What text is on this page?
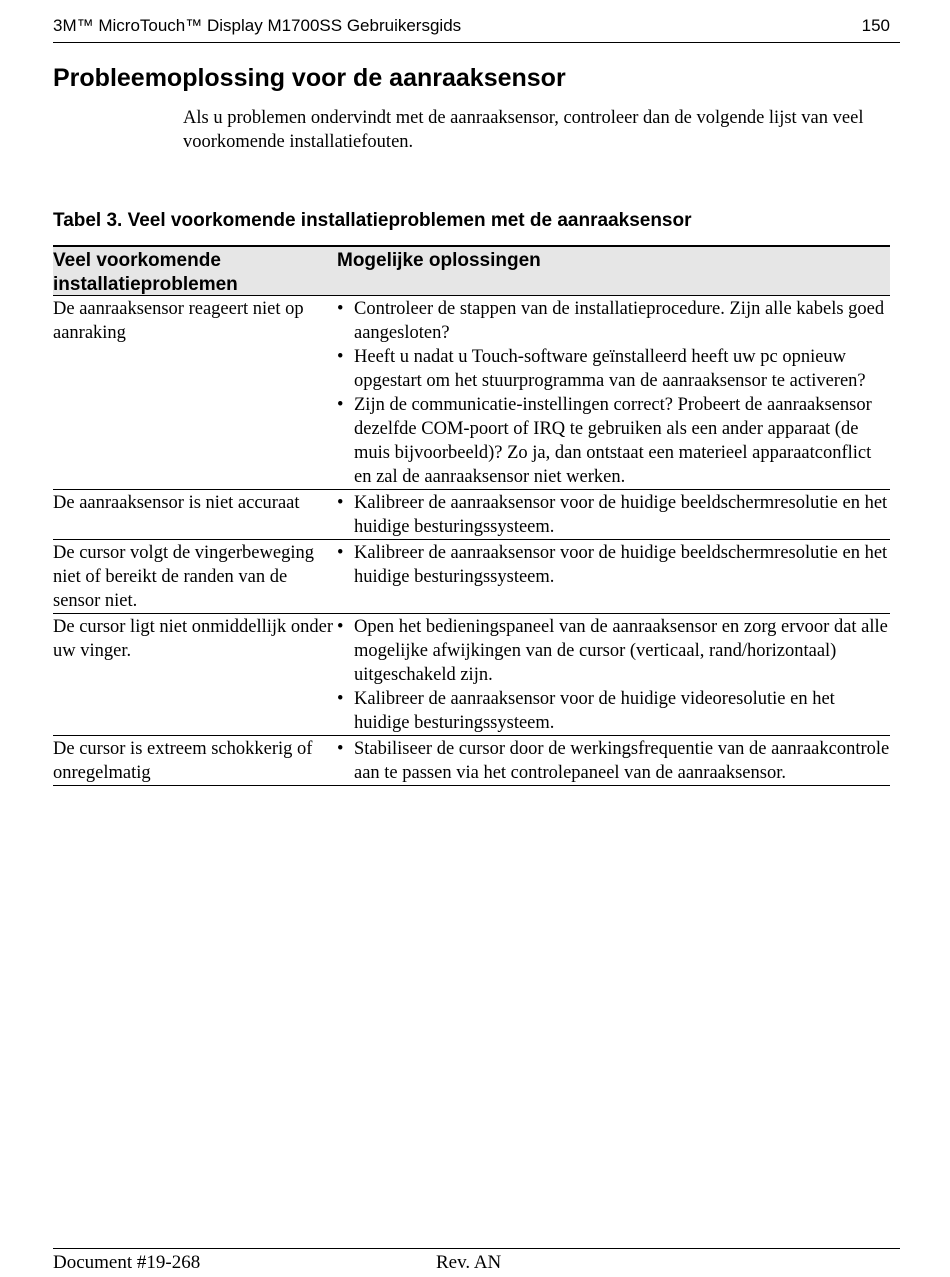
3M™ MicroTouch™ Display M1700SS Gebruikersgids	150
Probleemoplossing voor de aanraaksensor

Als u problemen ondervindt met de aanraaksensor, controleer dan de volgende lijst van veel voorkomende installatiefouten.

Tabel 3. Veel voorkomende installatieproblemen met de aanraaksensor

Veel voorkomende installatieproblemen
Mogelijke oplossingen
De aanraaksensor reageert niet op aanraking
• Controleer de stappen van de installatieprocedure. Zijn alle kabels goed aangesloten?
• Heeft u nadat u Touch-software geïnstalleerd heeft uw pc opnieuw opgestart om het stuurprogramma van de aanraaksensor te activeren?
• Zijn de communicatie-instellingen correct? Probeert de aanraaksensor dezelfde COM-poort of IRQ te gebruiken als een ander apparaat (de muis bijvoorbeeld)? Zo ja, dan ontstaat een materieel apparaatconflict en zal de aanraaksensor niet werken.
De aanraaksensor is niet accuraat
•	Kalibreer de aanraaksensor voor de huidige beeldschermresolutie en het huidige besturingssysteem.
De cursor volgt de vingerbeweging niet of bereikt de randen van de sensor niet.
• Kalibreer de aanraaksensor voor de huidige beeldschermresolutie en het huidige besturingssysteem.
De cursor ligt niet onmiddellijk onder uw vinger.
• Open het bedieningspaneel van de aanraaksensor en zorg ervoor dat alle mogelijke afwijkingen van de cursor (verticaal, rand/horizontaal) uitgeschakeld zijn.
• Kalibreer de aanraaksensor voor de huidige videoresolutie en het huidige besturingssysteem.
De cursor is extreem schokkerig of onregelmatig
• Stabiliseer de cursor door de werkingsfrequentie van de aanraakcontrole aan te passen via het controlepaneel van de aanraaksensor.
Document #19-268	Rev. AN
